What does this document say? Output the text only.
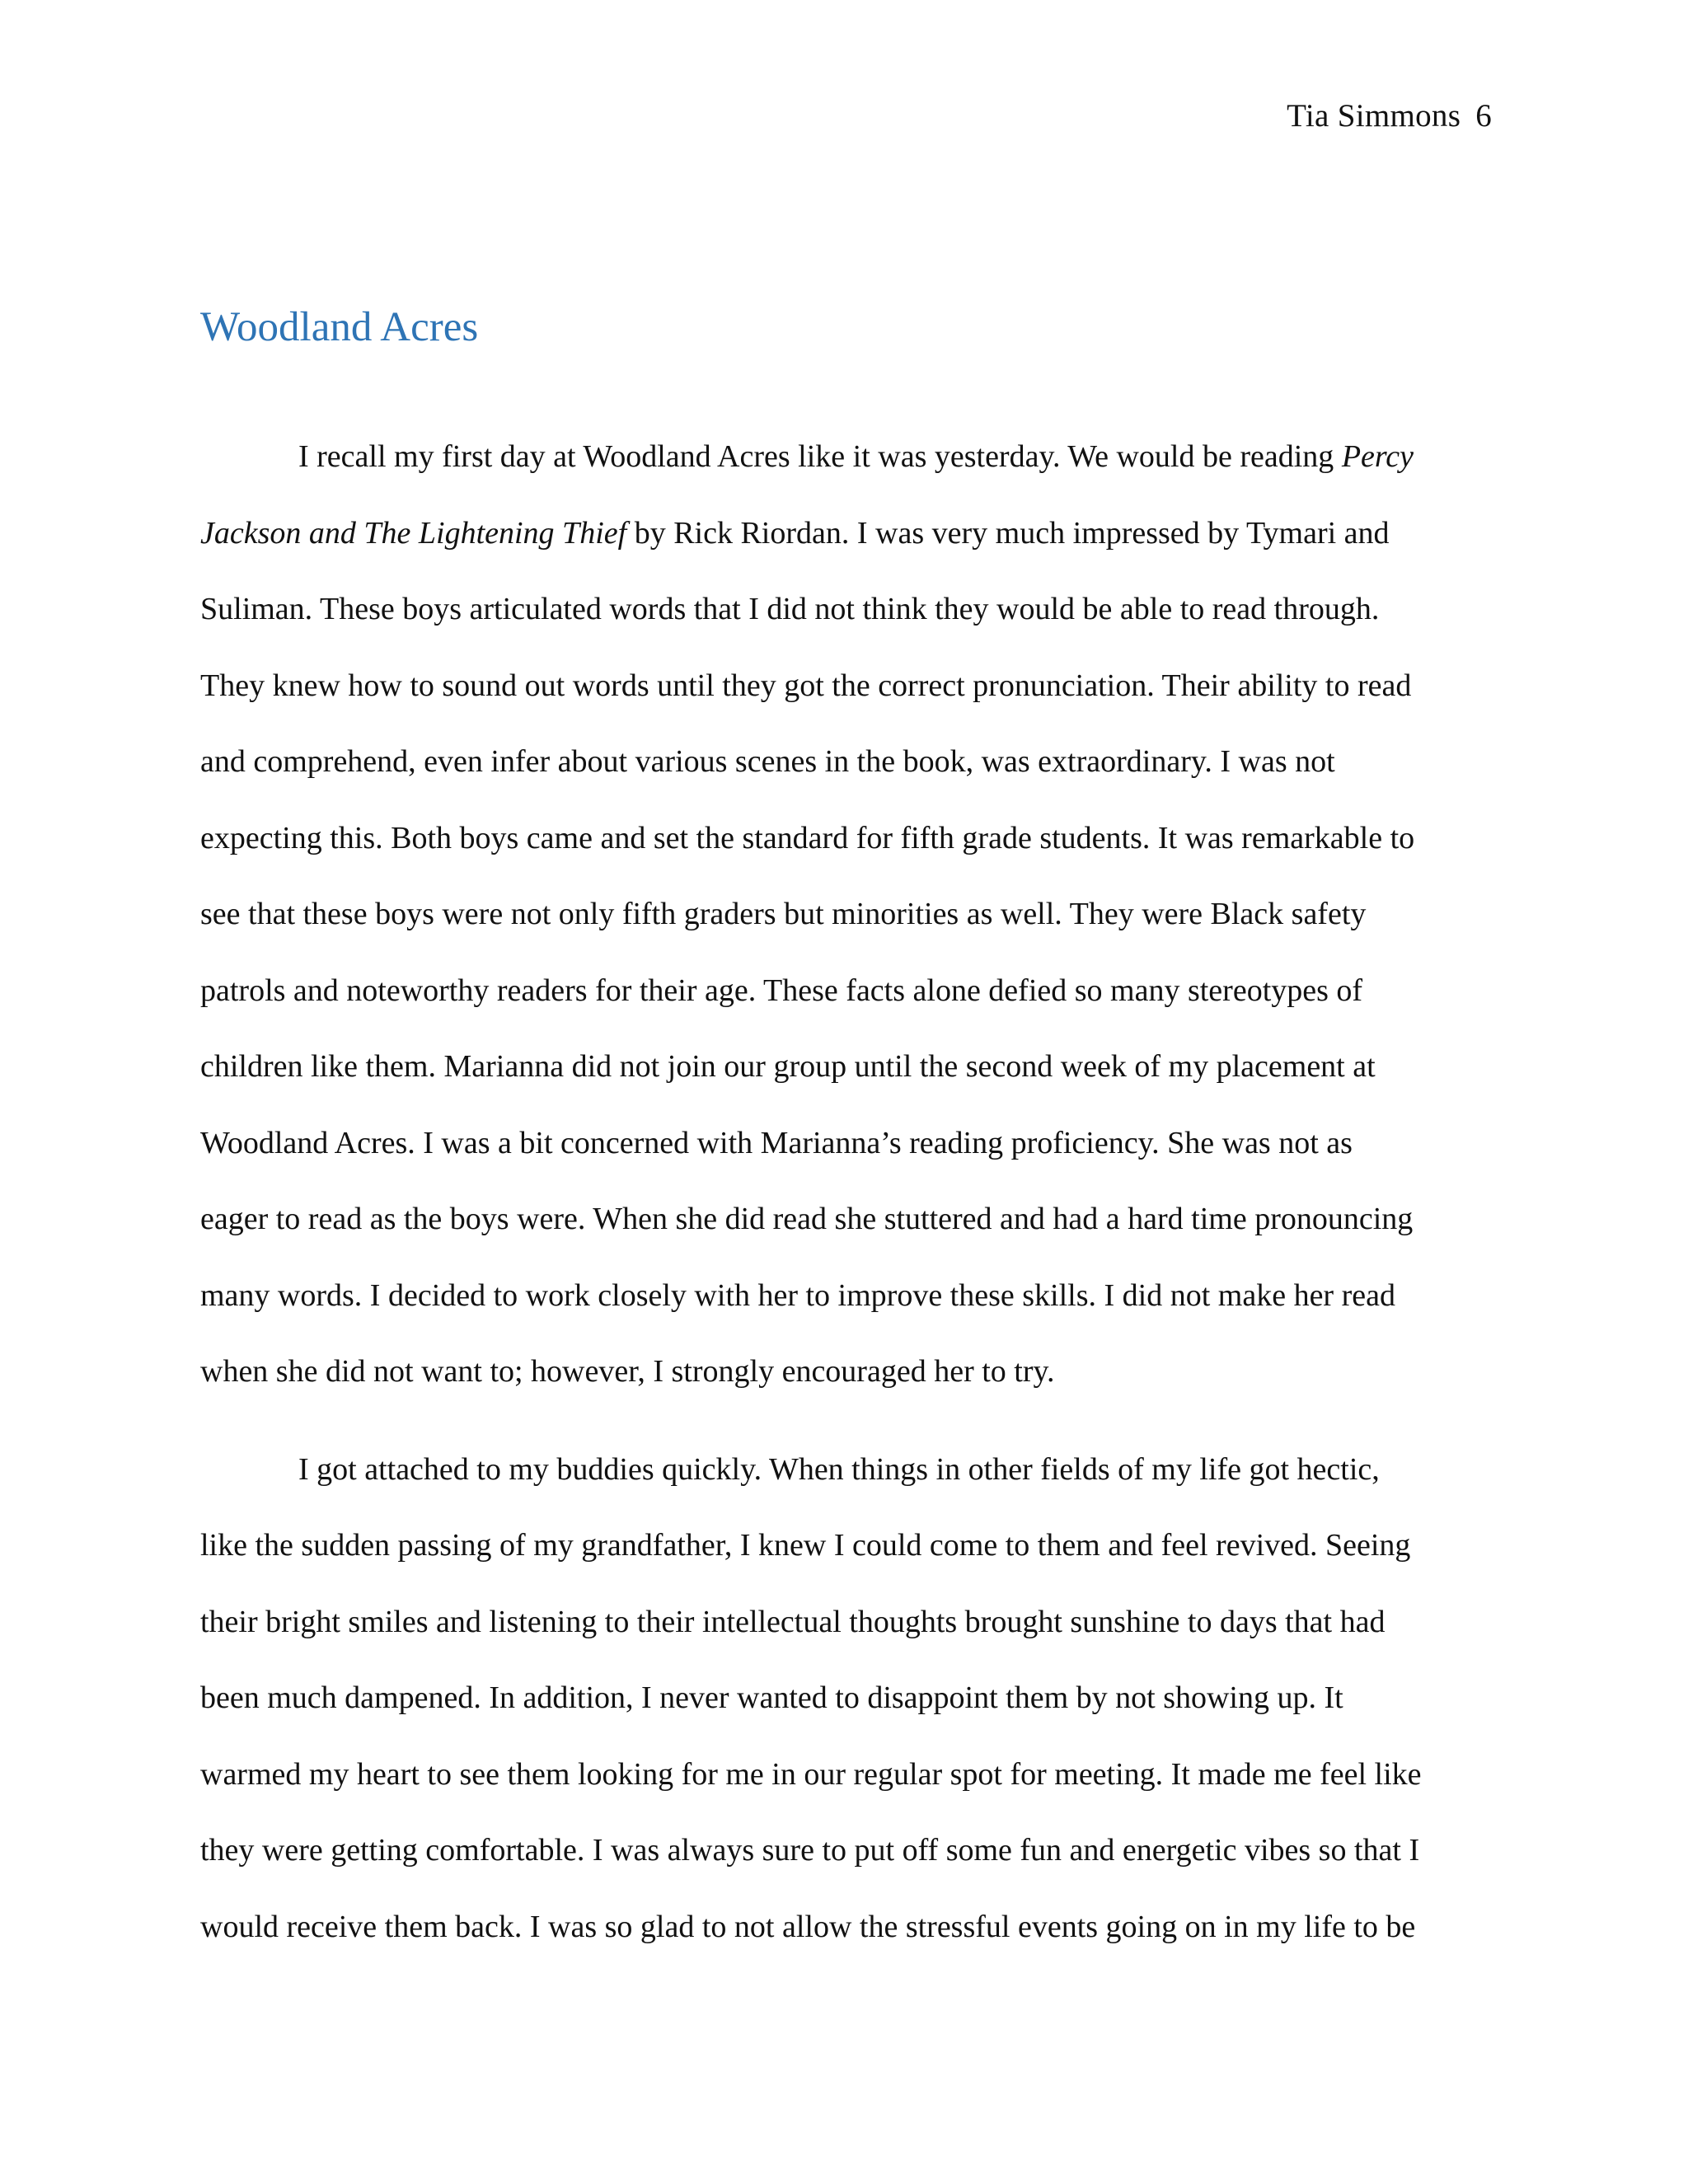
Tia Simmons 6
Woodland Acres
I recall my first day at Woodland Acres like it was yesterday. We would be reading Percy
Jackson and The Lightening Thief by Rick Riordan. I was very much impressed by Tymari and
Suliman. These boys articulated words that I did not think they would be able to read through.
They knew how to sound out words until they got the correct pronunciation. Their ability to read
and comprehend, even infer about various scenes in the book, was extraordinary. I was not
expecting this. Both boys came and set the standard for fifth grade students. It was remarkable to
see that these boys were not only fifth graders but minorities as well. They were Black safety
patrols and noteworthy readers for their age. These facts alone defied so many stereotypes of
children like them. Marianna did not join our group until the second week of my placement at
Woodland Acres. I was a bit concerned with Marianna’s reading proficiency. She was not as
eager to read as the boys were. When she did read she stuttered and had a hard time pronouncing
many words. I decided to work closely with her to improve these skills. I did not make her read
when she did not want to; however, I strongly encouraged her to try.
I got attached to my buddies quickly. When things in other fields of my life got hectic,
like the sudden passing of my grandfather, I knew I could come to them and feel revived. Seeing
their bright smiles and listening to their intellectual thoughts brought sunshine to days that had
been much dampened. In addition, I never wanted to disappoint them by not showing up. It
warmed my heart to see them looking for me in our regular spot for meeting. It made me feel like
they were getting comfortable. I was always sure to put off some fun and energetic vibes so that I
would receive them back. I was so glad to not allow the stressful events going on in my life to be
